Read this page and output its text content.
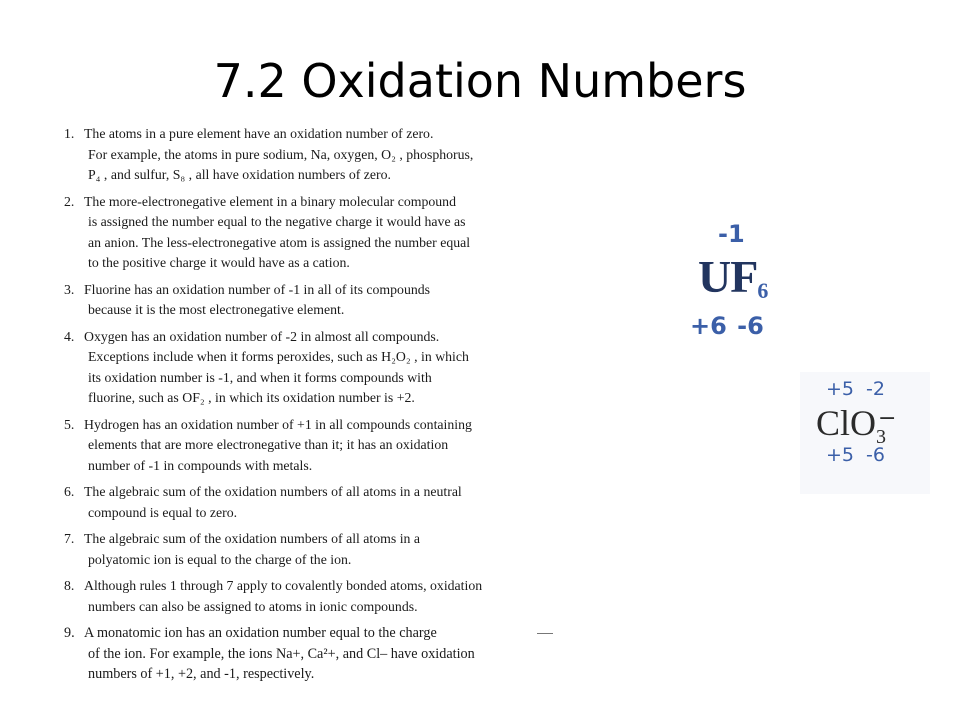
7.2 Oxidation Numbers
1. The atoms in a pure element have an oxidation number of zero.
For example, the atoms in pure sodium, Na, oxygen, O₂ , phosphorus,
P₄ , and sulfur, S₈ , all have oxidation numbers of zero.
2. The more-electronegative element in a binary molecular compound
is assigned the number equal to the negative charge it would have as
an anion. The less-electronegative atom is assigned the number equal
to the positive charge it would have as a cation.
3. Fluorine has an oxidation number of -1 in all of its compounds
because it is the most electronegative element.
4. Oxygen has an oxidation number of -2 in almost all compounds.
Exceptions include when it forms peroxides, such as H₂O₂ , in which
its oxidation number is -1, and when it forms compounds with
fluorine, such as OF₂ , in which its oxidation number is +2.
5. Hydrogen has an oxidation number of +1 in all compounds containing
elements that are more electronegative than it; it has an oxidation
number of -1 in compounds with metals.
6. The algebraic sum of the oxidation numbers of all atoms in a neutral
compound is equal to zero.
7. The algebraic sum of the oxidation numbers of all atoms in a
polyatomic ion is equal to the charge of the ion.
8. Although rules 1 through 7 apply to covalently bonded atoms, oxidation
numbers can also be assigned to atoms in ionic compounds.
9. A monatomic ion has an oxidation number equal to the charge
of the ion. For example, the ions Na+, Ca²+, and Cl– have oxidation
numbers of +1, +2, and -1, respectively.
-1
UF6
+6 -6
+5 -2
ClO$_3$
−
+5 -6
